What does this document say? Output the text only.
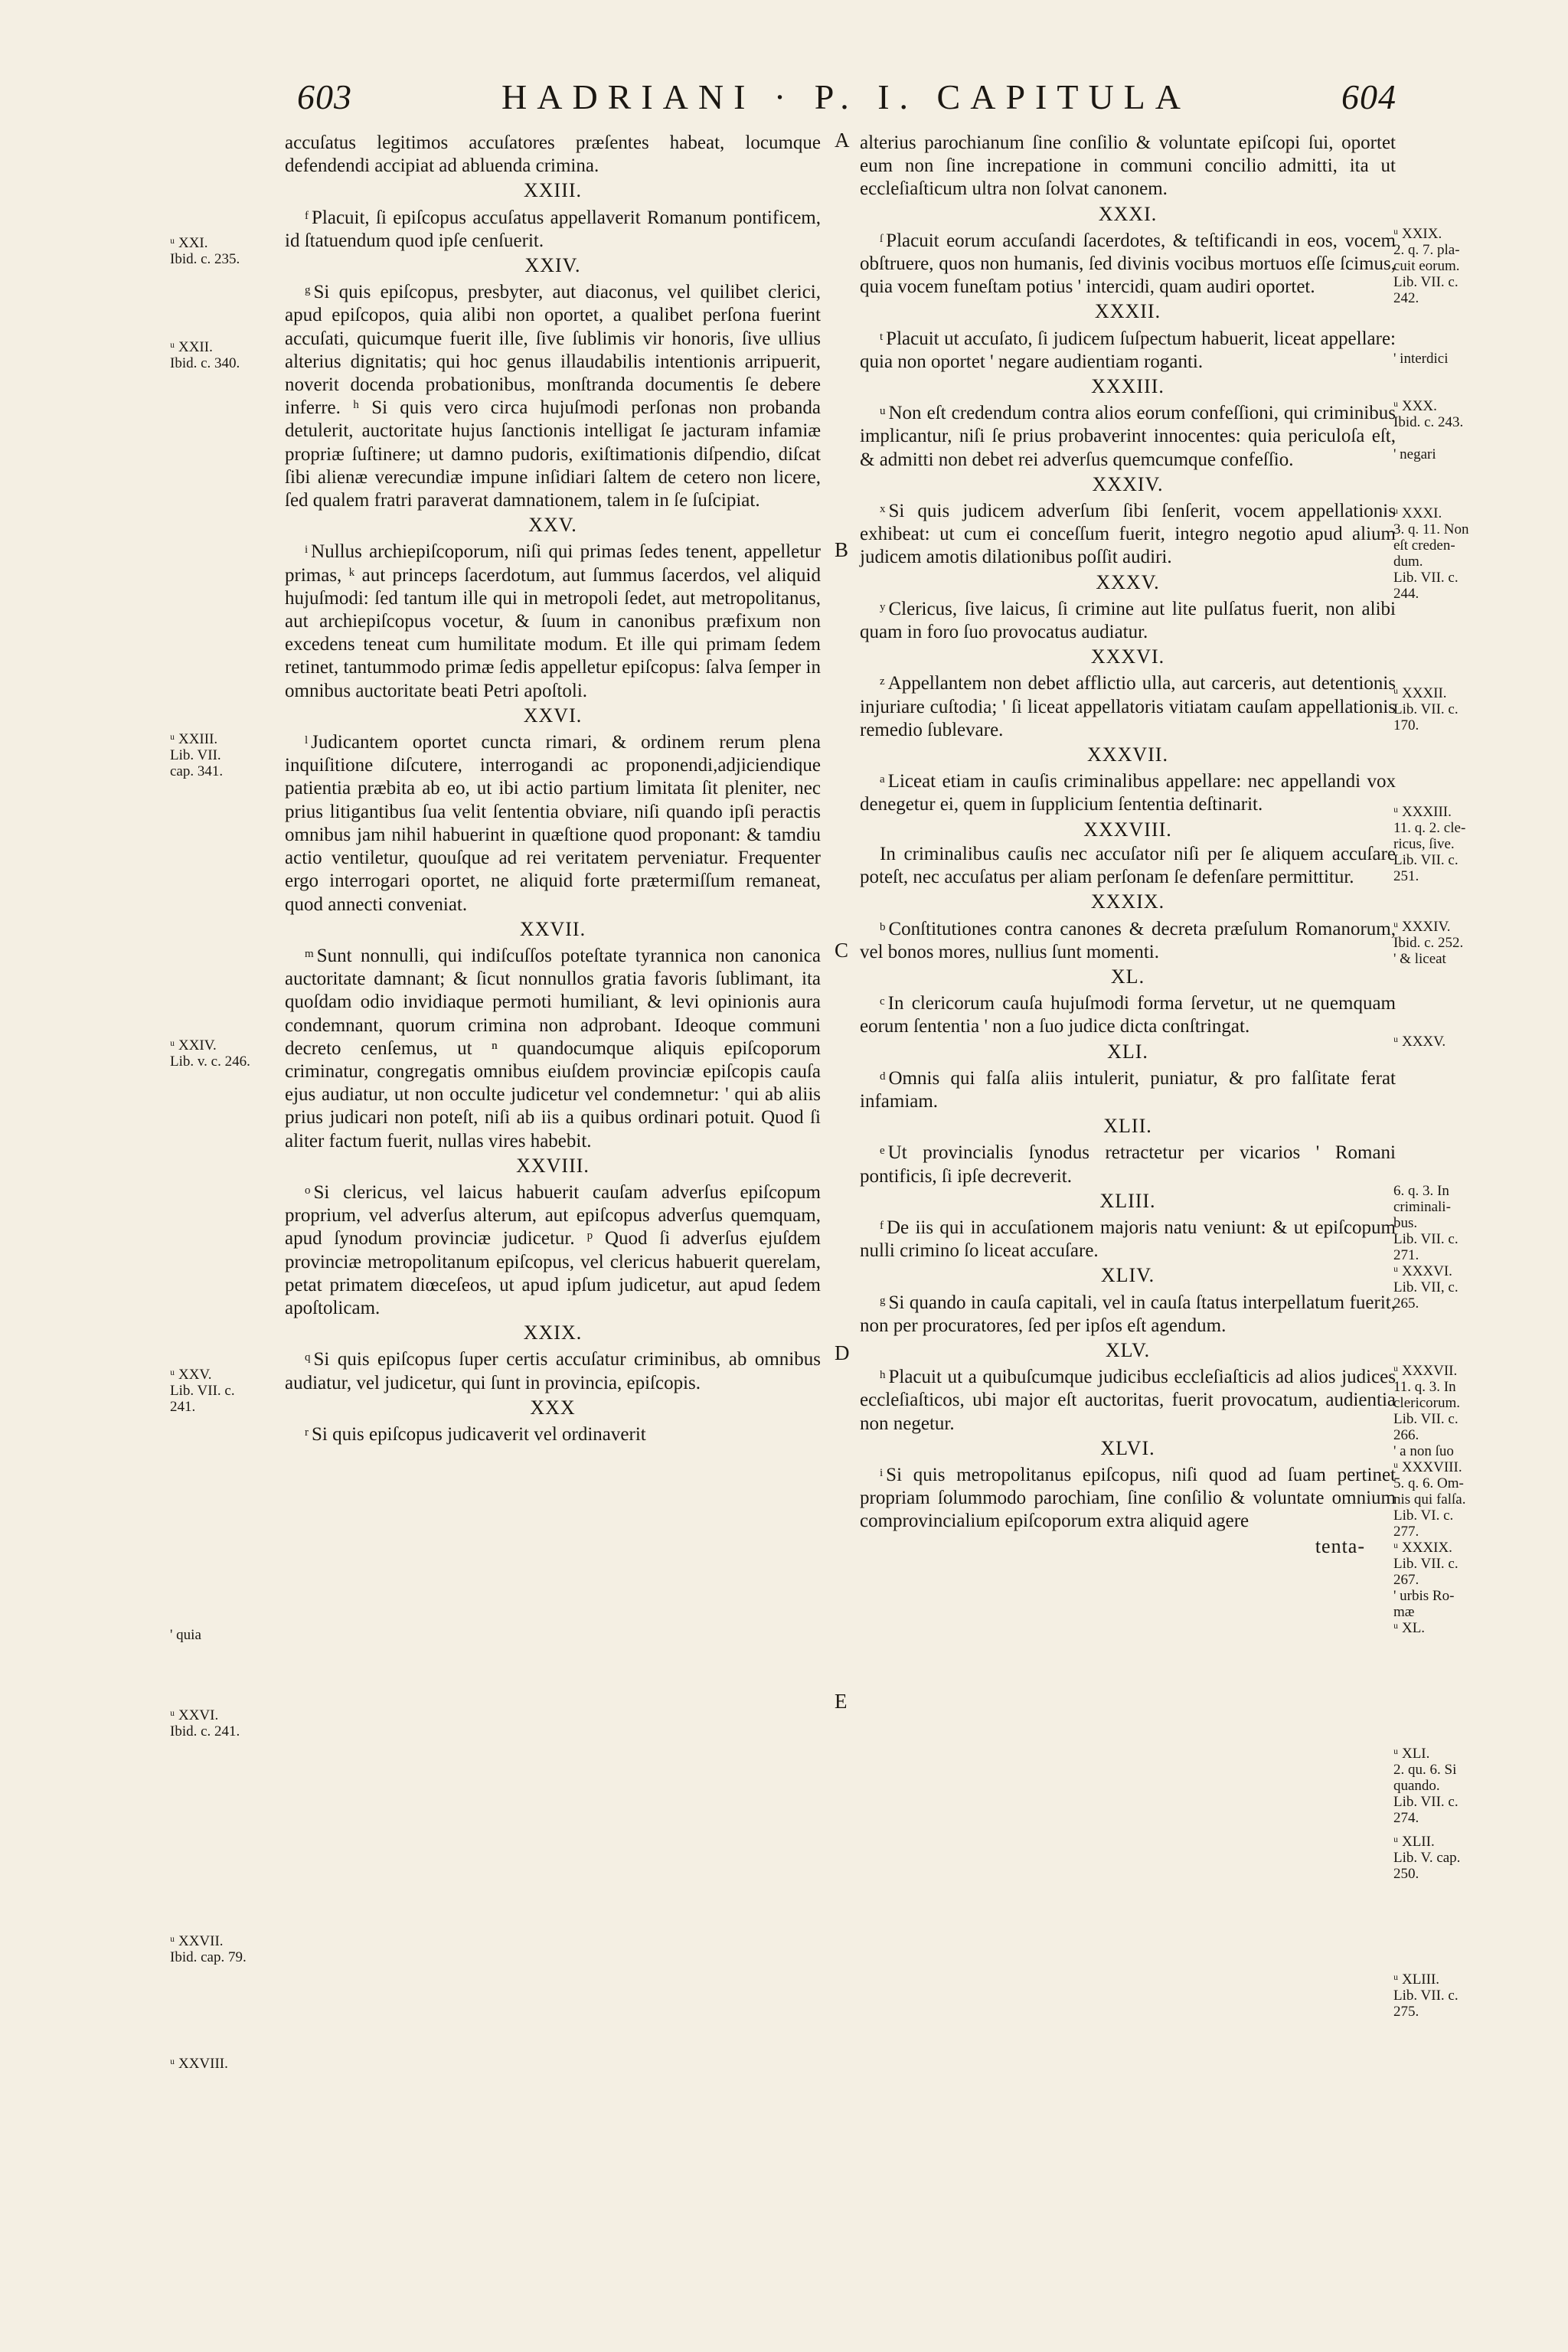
603	HADRIANI · P. I. CAPITULA	604

accuſatus legitimos accuſatores præſentes habeat, locumque defendendi accipiat ad abluenda crimina.

XXIII.

$^f$ Placuit, ſi epiſcopus accuſatus appellaverit Romanum pontificem, id ſtatuendum quod ipſe cenſuerit.

XXIV.

$^g$ Si quis epiſcopus, presbyter, aut diaconus, vel quilibet clerici, apud epiſcopos, quia alibi non oportet, a qualibet perſona fuerint accuſati, quicumque fuerit ille, ſive ſublimis vir honoris, ſive ullius alterius dignitatis; qui hoc genus illaudabilis intentionis arripuerit, noverit docenda probationibus, monſtranda documentis ſe debere inferre. ʰ Si quis vero circa hujuſmodi perſonas non probanda detulerit, auctoritate hujus ſanctionis intelligat ſe jacturam infamiæ propriæ ſuſtinere; ut damno pudoris, exiſtimationis diſpendio, diſcat ſibi alienæ verecundiæ impune inſidiari ſaltem de cetero non licere, ſed qualem fratri paraverat damnationem, talem in ſe ſuſcipiat.

XXV.

$^i$ Nullus archiepiſcoporum, niſi qui primas ſedes tenent, appelletur primas, ᵏ aut princeps ſacerdotum, aut ſummus ſacerdos, vel aliquid hujuſmodi: ſed tantum ille qui in metropoli ſedet, aut metropolitanus, aut archiepiſcopus vocetur, & ſuum in canonibus præfixum non excedens teneat cum humilitate modum. Et ille qui primam ſedem retinet, tantummodo primæ ſedis appelletur epiſcopus: ſalva ſemper in omnibus auctoritate beati Petri apoſtoli.

XXVI.

$^l$ Judicantem oportet cuncta rimari, & ordinem rerum plena inquiſitione diſcutere, interrogandi ac proponendi,adjiciendique patientia præbita ab eo, ut ibi actio partium limitata ſit pleniter, nec prius litigantibus ſua velit ſententia obviare, niſi quando ipſi peractis omnibus jam nihil habuerint in quæſtione quod proponant: & tamdiu actio ventiletur, quouſque ad rei veritatem perveniatur. Frequenter ergo interrogari oportet, ne aliquid forte prætermiſſum remaneat, quod annecti conveniat.

XXVII.

$^m$ Sunt nonnulli, qui indiſcuſſos poteſtate tyrannica non canonica auctoritate damnant; & ſicut nonnullos gratia favoris ſublimant, ita quoſdam odio invidiaque permoti humiliant, & levi opinionis aura condemnant, quorum crimina non adprobant. Ideoque communi decreto cenſemus, ut ⁿ quandocumque aliquis epiſcoporum criminatur, congregatis omnibus eiuſdem provinciæ epiſcopis cauſa ejus audiatur, ut non occulte judicetur vel condemnetur: ' qui ab aliis prius judicari non poteſt, niſi ab iis a quibus ordinari potuit. Quod ſi aliter factum fuerit, nullas vires habebit.

XXVIII.

$^o$ Si clericus, vel laicus habuerit cauſam adverſus epiſcopum proprium, vel adverſus alterum, aut epiſcopus adverſus quemquam, apud ſynodum provinciæ judicetur. ᵖ Quod ſi adverſus ejuſdem provinciæ metropolitanum epiſcopus, vel clericus habuerit querelam, petat primatem diœceſeos, ut apud ipſum judicetur, aut apud ſedem apoſtolicam.

XXIX.

$^q$ Si quis epiſcopus ſuper certis accuſatur criminibus, ab omnibus audiatur, vel judicetur, qui ſunt in provincia, epiſcopis.

XXX

$^r$ Si quis epiſcopus judicaverit vel ordinaverit

alterius parochianum ſine conſilio & voluntate epiſcopi ſui, oportet eum non ſine increpatione in communi concilio admitti, ita ut eccleſiaſticum ultra non ſolvat canonem.

XXXI.

$^ſ$ Placuit eorum accuſandi ſacerdotes, & teſtificandi in eos, vocem obſtruere, quos non humanis, ſed divinis vocibus mortuos eſſe ſcimus, quia vocem funeſtam potius ' intercidi, quam audiri oportet.

XXXII.

$^t$ Placuit ut accuſato, ſi judicem ſuſpectum habuerit, liceat appellare: quia non oportet ' negare audientiam roganti.

XXXIII.

$^u$ Non eſt credendum contra alios eorum confeſſioni, qui criminibus implicantur, niſi ſe prius probaverint innocentes: quia periculoſa eſt, & admitti non debet rei adverſus quemcumque confeſſio.

XXXIV.

$^x$ Si quis judicem adverſum ſibi ſenſerit, vocem appellationis exhibeat: ut cum ei conceſſum fuerit, integro negotio apud alium judicem amotis dilationibus poſſit audiri.

XXXV.

$^y$ Clericus, ſive laicus, ſi crimine aut lite pulſatus fuerit, non alibi quam in foro ſuo provocatus audiatur.

XXXVI.

$^z$ Appellantem non debet afflictio ulla, aut carceris, aut detentionis injuriare cuſtodia; ' ſi liceat appellatoris vitiatam cauſam appellationis remedio ſublevare.

XXXVII.

$^a$ Liceat etiam in cauſis criminalibus appellare: nec appellandi vox denegetur ei, quem in ſupplicium ſententia deſtinarit.

XXXVIII.

In criminalibus cauſis nec accuſator niſi per ſe aliquem accuſare poteſt, nec accuſatus per aliam perſonam ſe defenſare permittitur.

XXXIX.

$^b$ Conſtitutiones contra canones & decreta præſulum Romanorum, vel bonos mores, nullius ſunt momenti.

XL.

$^c$ In clericorum cauſa hujuſmodi forma ſervetur, ut ne quemquam eorum ſententia ' non a ſuo judice dicta conſtringat.

XLI.

$^d$ Omnis qui falſa aliis intulerit, puniatur, & pro falſitate ferat infamiam.

XLII.

$^e$ Ut provincialis ſynodus retractetur per vicarios ' Romani pontificis, ſi ipſe decreverit.

XLIII.

$^f$ De iis qui in accuſationem majoris natu veniunt: & ut epiſcopum nulli crimino ſo liceat accuſare.

XLIV.

$^g$ Si quando in cauſa capitali, vel in cauſa ſtatus interpellatum fuerit, non per procuratores, ſed per ipſos eſt agendum.

XLV.

$^h$ Placuit ut a quibuſcumque judicibus eccleſiaſticis ad alios judices eccleſiaſticos, ubi major eſt auctoritas, fuerit provocatum, audientia non negetur.

XLVI.

$^i$ Si quis metropolitanus epiſcopus, niſi quod ad ſuam pertinet propriam ſolummodo parochiam, ſine conſilio & voluntate omnium comprovincialium epiſcoporum extra aliquid agere

tenta-
ᵘ XXI.
Ibid. c. 235.
ᵘ XXII.
Ibid. c. 340.
ᵘ XXIII.
Lib. VII.
cap. 341.
ᵘ XXIV.
Lib. v. c. 246.
ᵘ XXV.
Lib. VII. c.
241.
' quia
ᵘ XXVI.
Ibid. c. 241.
ᵘ XXVII.
Ibid. cap. 79.
ᵘ XXVIII.
ᵘ XXIX.
2. q. 7. pla-
cuit eorum.
Lib. VII. c.
242.
' interdici
ᵘ XXX.
Ibid. c. 243.
' negari
ᵘ XXXI.
3. q. 11. Non
eſt creden-
dum.
Lib. VII. c.
244.
ᵘ XXXII.
Lib. VII. c.
170.
ᵘ XXXIII.
11. q. 2. cle-
ricus, ſive.
Lib. VII. c.
251.
ᵘ XXXIV.
Ibid. c. 252.
' & liceat
ᵘ XXXV.
6. q. 3. In
criminali-
bus.
Lib. VII. c.
271.
ᵘ XXXVI.
Lib. VII, c.
265.
ᵘ XXXVII.
11. q. 3. In
clericorum.
Lib. VII. c.
266.
' a non ſuo
ᵘ XXXVIII.
5. q. 6. Om-
nis qui falſa.
Lib. VI. c.
277.
ᵘ XXXIX.
Lib. VII. c.
267.
' urbis Ro-
mæ
ᵘ XL.
ᵘ XLI.
2. qu. 6. Si
quando.
Lib. VII. c.
274.
ᵘ XLII.
Lib. V. cap.
250.
ᵘ XLIII.
Lib. VII. c.
275.
A
B
C
D
E
